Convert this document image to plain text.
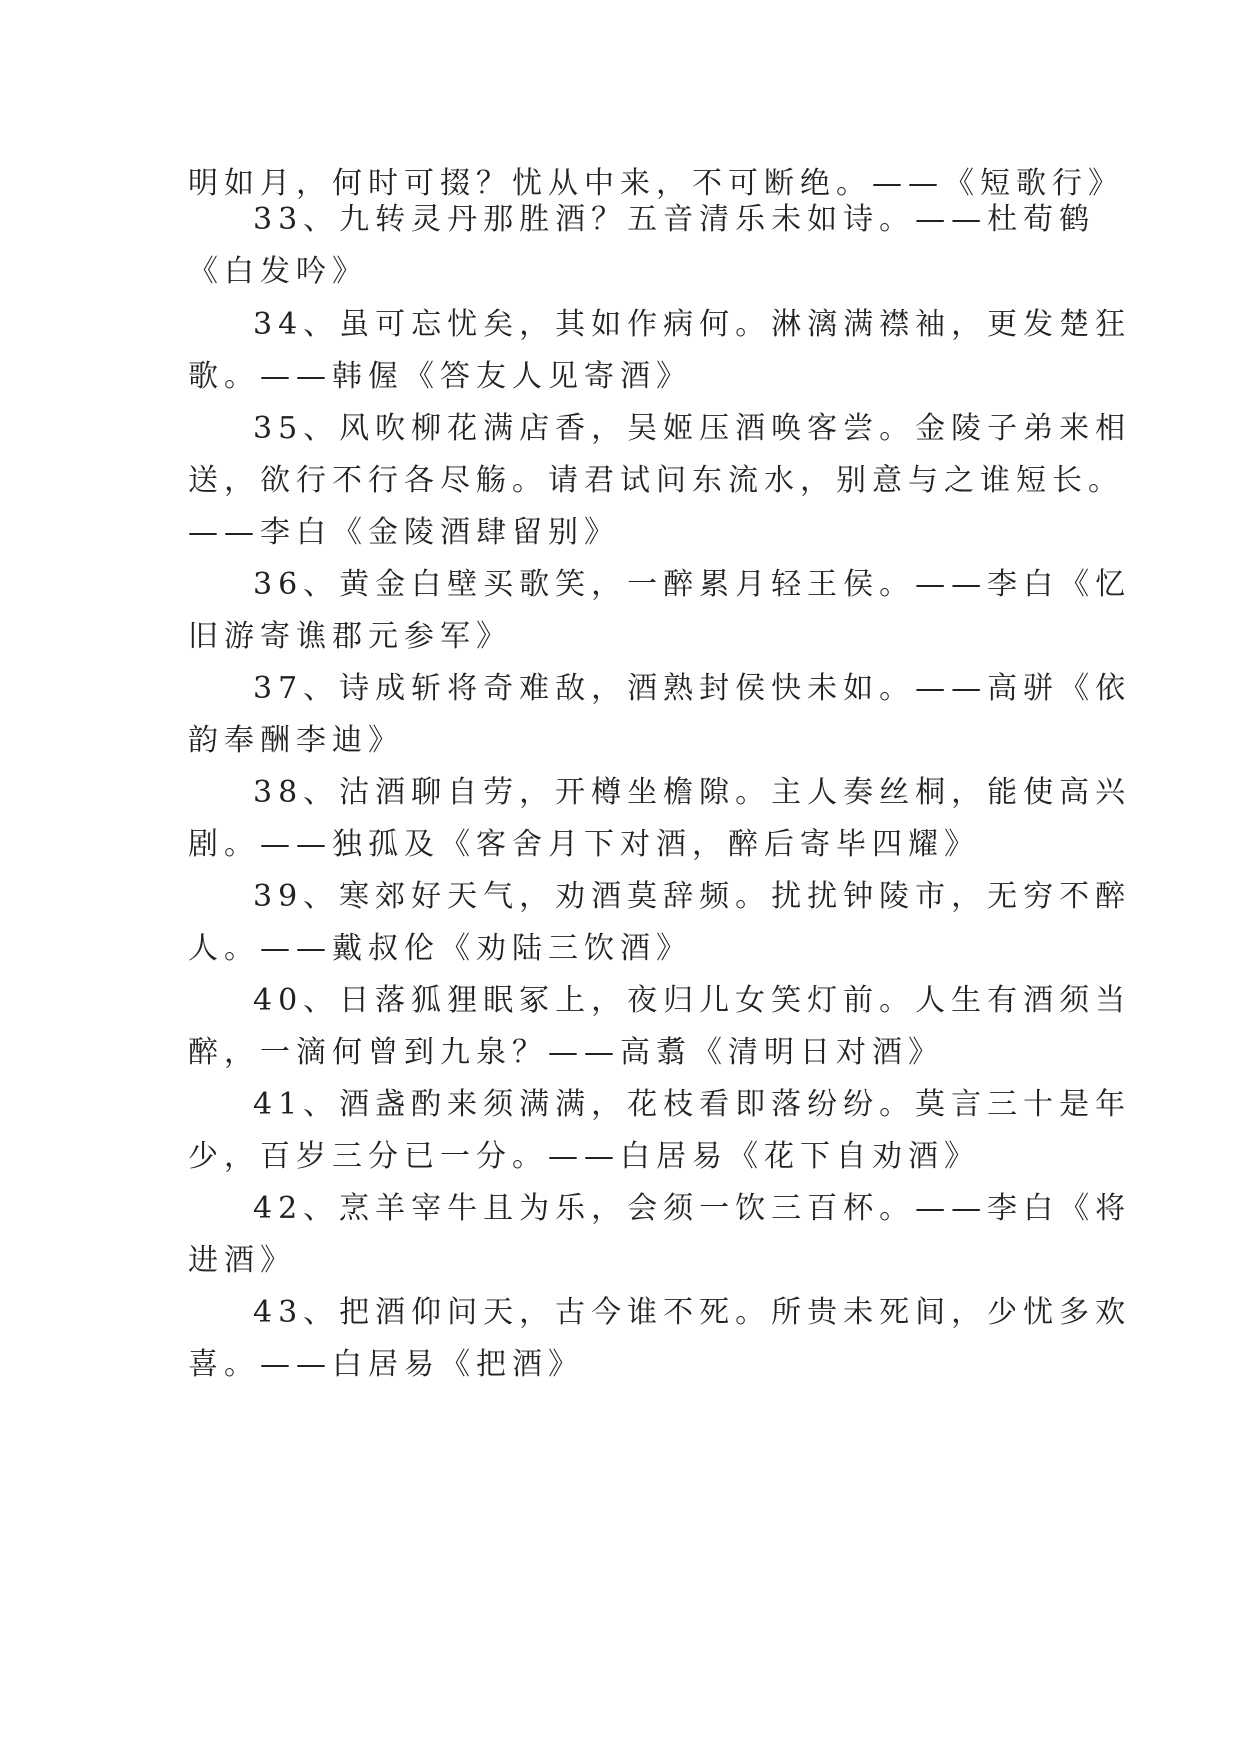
明如月，何时可掇？忧从中来，不可断绝。——《短歌行》
33、九转灵丹那胜酒？五音清乐未如诗。——杜荀鹤
《白发吟》
34、虽可忘忧矣，其如作病何。淋漓满襟袖，更发楚狂
歌。——韩偓《答友人见寄酒》
35、风吹柳花满店香，吴姬压酒唤客尝。金陵子弟来相
送，欲行不行各尽觞。请君试问东流水，别意与之谁短长。
——李白《金陵酒肆留别》
36、黄金白壁买歌笑，一醉累月轻王侯。——李白《忆
旧游寄谯郡元参军》
37、诗成斩将奇难敌，酒熟封侯快未如。——高骈《依
韵奉酬李迪》
38、沽酒聊自劳，开樽坐檐隙。主人奏丝桐，能使高兴
剧。——独孤及《客舍月下对酒，醉后寄毕四耀》
39、寒郊好天气，劝酒莫辞频。扰扰钟陵市，无穷不醉
人。——戴叔伦《劝陆三饮酒》
40、日落狐狸眠冢上，夜归儿女笑灯前。人生有酒须当
醉，一滴何曾到九泉？——高翥《清明日对酒》
41、酒盏酌来须满满，花枝看即落纷纷。莫言三十是年
少，百岁三分已一分。——白居易《花下自劝酒》
42、烹羊宰牛且为乐，会须一饮三百杯。——李白《将
进酒》
43、把酒仰问天，古今谁不死。所贵未死间，少忧多欢
喜。——白居易《把酒》
